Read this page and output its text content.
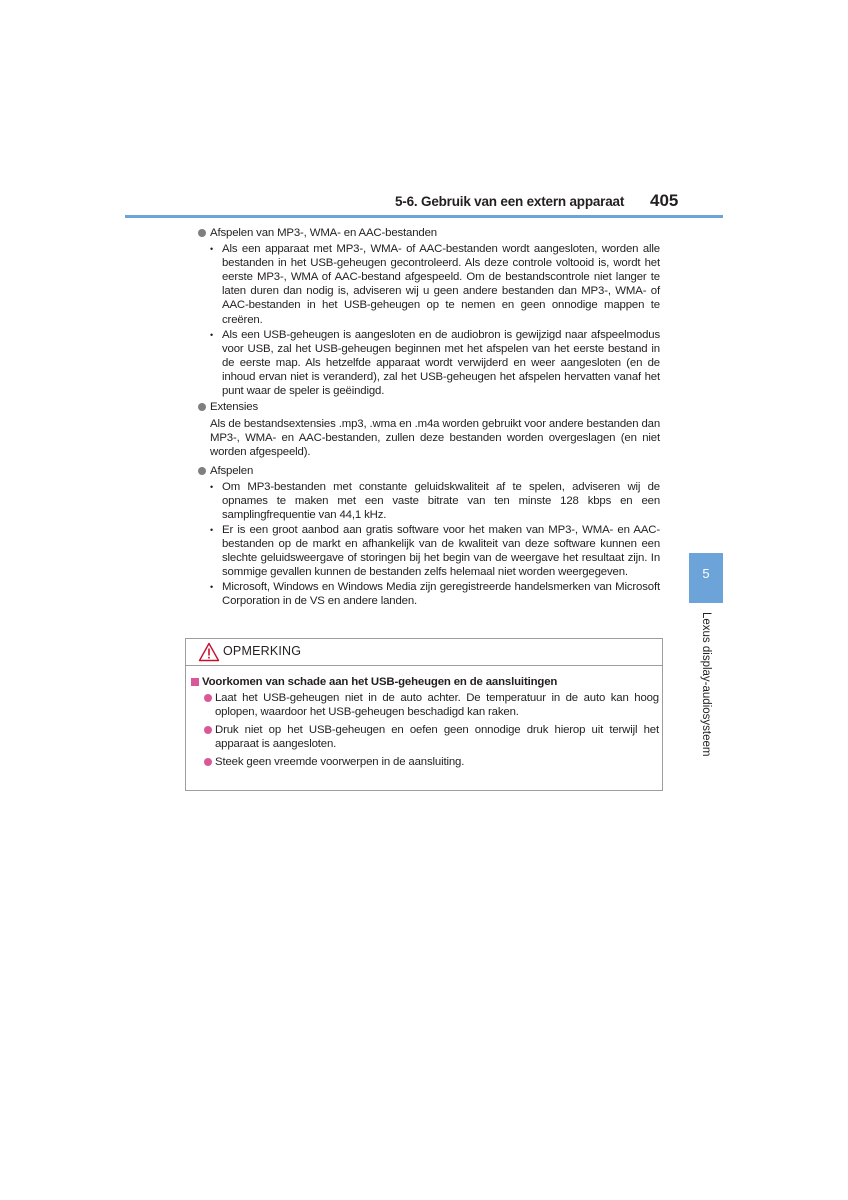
5-6. Gebruik van een extern apparaat 405
Afspelen van MP3-, WMA- en AAC-bestanden
• Als een apparaat met MP3-, WMA- of AAC-bestanden wordt aangesloten, worden alle bestanden in het USB-geheugen gecontroleerd. Als deze controle voltooid is, wordt het eerste MP3-, WMA of AAC-bestand afgespeeld. Om de bestandscontrole niet langer te laten duren dan nodig is, adviseren wij u geen andere bestanden dan MP3-, WMA- of AAC-bestanden in het USB-geheugen op te nemen en geen onnodige mappen te creëren.
• Als een USB-geheugen is aangesloten en de audiobron is gewijzigd naar afspeelmodus voor USB, zal het USB-geheugen beginnen met het afspelen van het eerste bestand in de eerste map. Als hetzelfde apparaat wordt verwijderd en weer aangesloten (en de inhoud ervan niet is veranderd), zal het USB-geheugen het afspelen hervatten vanaf het punt waar de speler is geëindigd.
Extensies
Als de bestandsextensies .mp3, .wma en .m4a worden gebruikt voor andere bestanden dan MP3-, WMA- en AAC-bestanden, zullen deze bestanden worden overgeslagen (en niet worden afgespeeld).
Afspelen
• Om MP3-bestanden met constante geluidskwaliteit af te spelen, adviseren wij de opnames te maken met een vaste bitrate van ten minste 128 kbps en een samplingfrequentie van 44,1 kHz.
• Er is een groot aanbod aan gratis software voor het maken van MP3-, WMA- en AAC-bestanden op de markt en afhankelijk van de kwaliteit van deze software kunnen een slechte geluidsweergave of storingen bij het begin van de weergave het resultaat zijn. In sommige gevallen kunnen de bestanden zelfs helemaal niet worden weergegeven.
• Microsoft, Windows en Windows Media zijn geregistreerde handelsmerken van Microsoft Corporation in de VS en andere landen.
5
Lexus display-audiosysteem
OPMERKING
Voorkomen van schade aan het USB-geheugen en de aansluitingen
Laat het USB-geheugen niet in de auto achter. De temperatuur in de auto kan hoog oplopen, waardoor het USB-geheugen beschadigd kan raken.
Druk niet op het USB-geheugen en oefen geen onnodige druk hierop uit terwijl het apparaat is aangesloten.
Steek geen vreemde voorwerpen in de aansluiting.
